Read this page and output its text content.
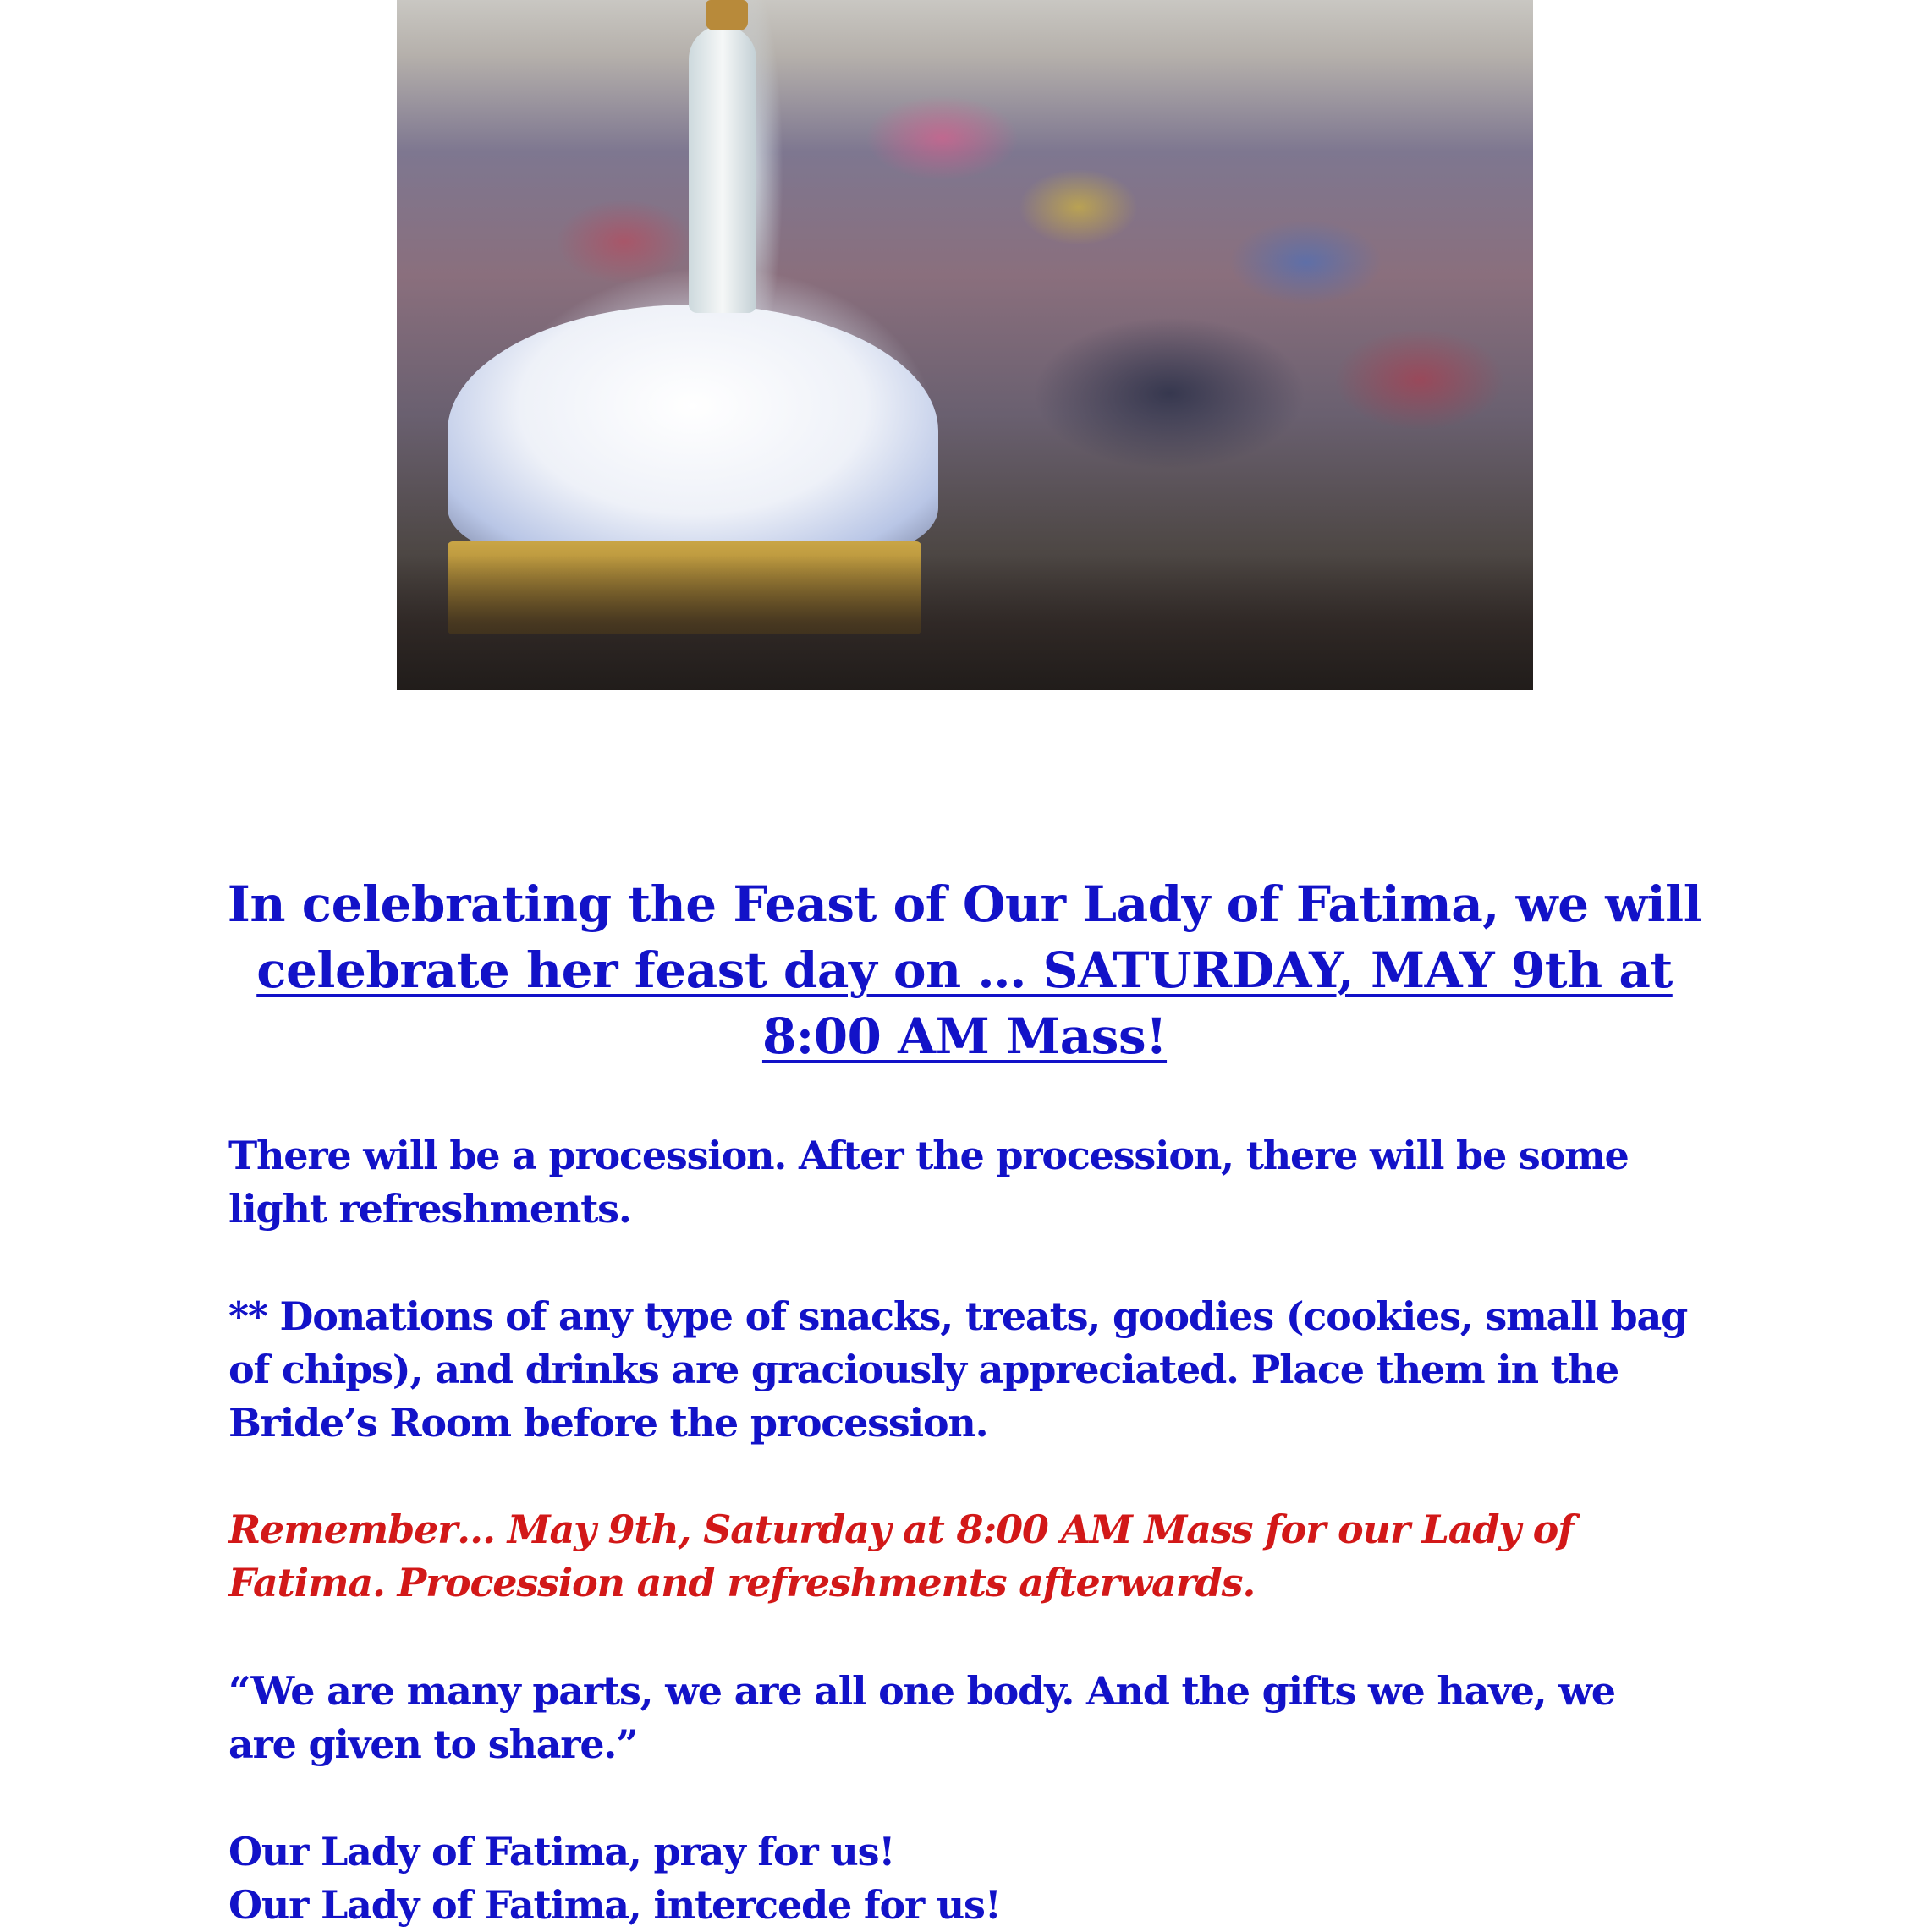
In celebrating the Feast of Our Lady of Fatima, we will
celebrate her feast day on … SATURDAY, MAY 9th at
8:00 AM Mass!
There will be a procession. After the procession, there will be some
light refreshments.
** Donations of any type of snacks, treats, goodies (cookies, small bag
of chips), and drinks are graciously appreciated. Place them in the
Bride’s Room before the procession.
Remember… May 9th, Saturday at 8:00 AM Mass for our Lady of
Fatima. Procession and refreshments afterwards.
“We are many parts, we are all one body. And the gifts we have, we
are given to share.”
Our Lady of Fatima, pray for us!
Our Lady of Fatima, intercede for us!
